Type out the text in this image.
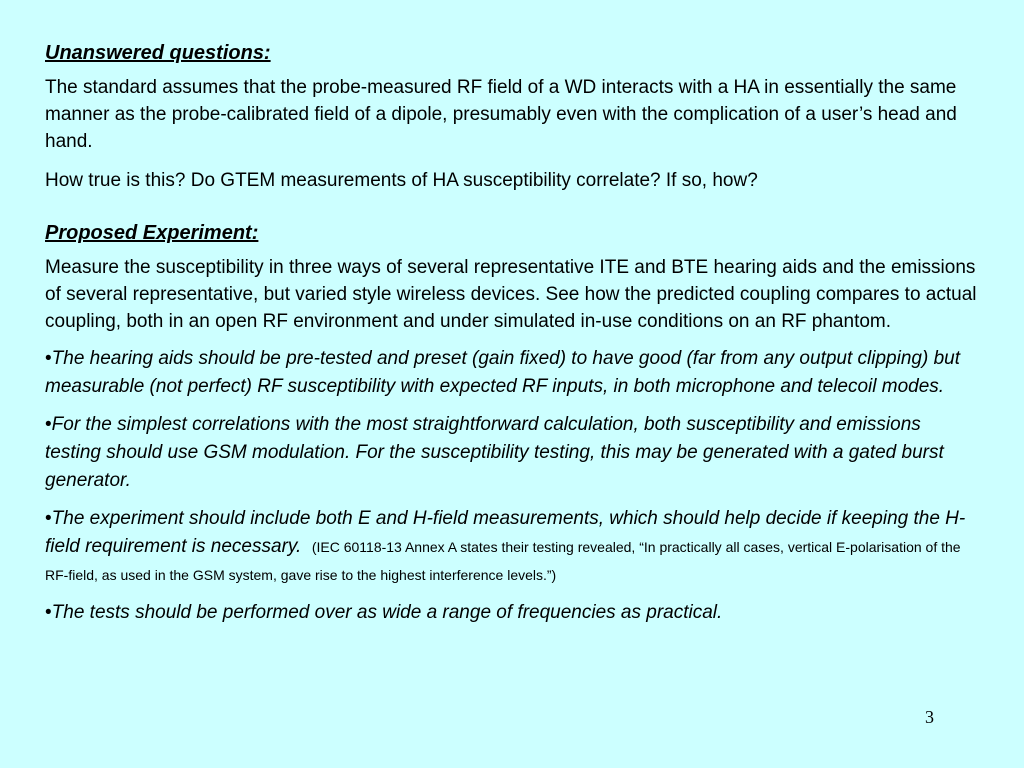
Unanswered questions:

The standard assumes that the probe-measured RF field of a WD interacts with a HA in essentially the same manner as the probe-calibrated field of a dipole, presumably even with the complication of a user’s head and hand.

How true is this? Do GTEM measurements of HA susceptibility correlate? If so, how?

Proposed Experiment:

Measure the susceptibility in three ways of several representative ITE and BTE hearing aids and the emissions of several representative, but varied style wireless devices. See how the predicted coupling compares to actual coupling, both in an open RF environment and under simulated in-use conditions on an RF phantom.

•The hearing aids should be pre-tested and preset (gain fixed) to have good (far from any output clipping) but measurable (not perfect) RF susceptibility with expected RF inputs, in both microphone and telecoil modes.

•For the simplest correlations with the most straightforward calculation, both susceptibility and emissions testing should use GSM modulation. For the susceptibility testing, this may be generated with a gated burst generator.

•The experiment should include both E and H-field measurements, which should help decide if keeping the H-field requirement is necessary. (IEC 60118-13 Annex A states their testing revealed, “In practically all cases, vertical E-polarisation of the RF-field, as used in the GSM system, gave rise to the highest interference levels.”)

•The tests should be performed over as wide a range of frequencies as practical.

3
